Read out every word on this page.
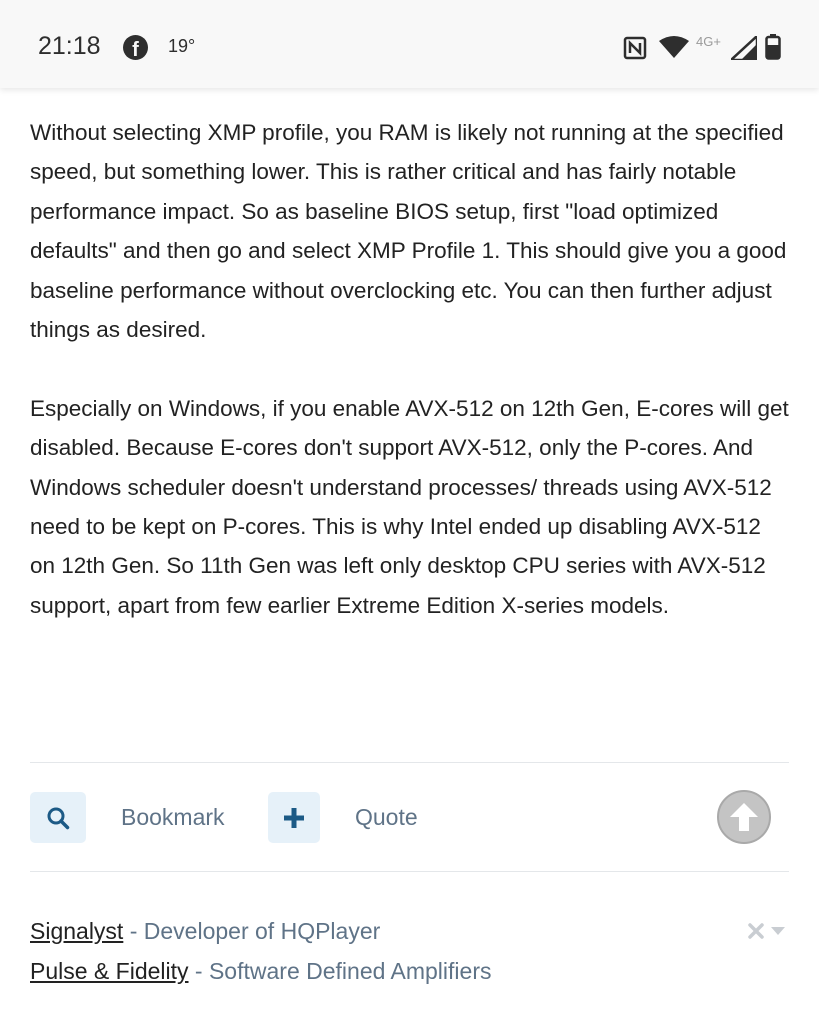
21:18	f	19°	4G+

Without selecting XMP profile, you RAM is likely not running at the specified speed, but something lower. This is rather critical and has fairly notable performance impact. So as baseline BIOS setup, first "load optimized defaults" and then go and select XMP Profile 1. This should give you a good baseline performance without overclocking etc. You can then further adjust things as desired.

Especially on Windows, if you enable AVX-512 on 12th Gen, E-cores will get disabled. Because E-cores don't support AVX-512, only the P-cores. And Windows scheduler doesn't understand processes/ threads using AVX-512 need to be kept on P-cores. This is why Intel ended up disabling AVX-512 on 12th Gen. So 11th Gen was left only desktop CPU series with AVX-512 support, apart from few earlier Extreme Edition X-series models.

Bookmark	Quote
Signalyst - Developer of HQPlayer
Pulse & Fidelity - Software Defined Amplifiers
